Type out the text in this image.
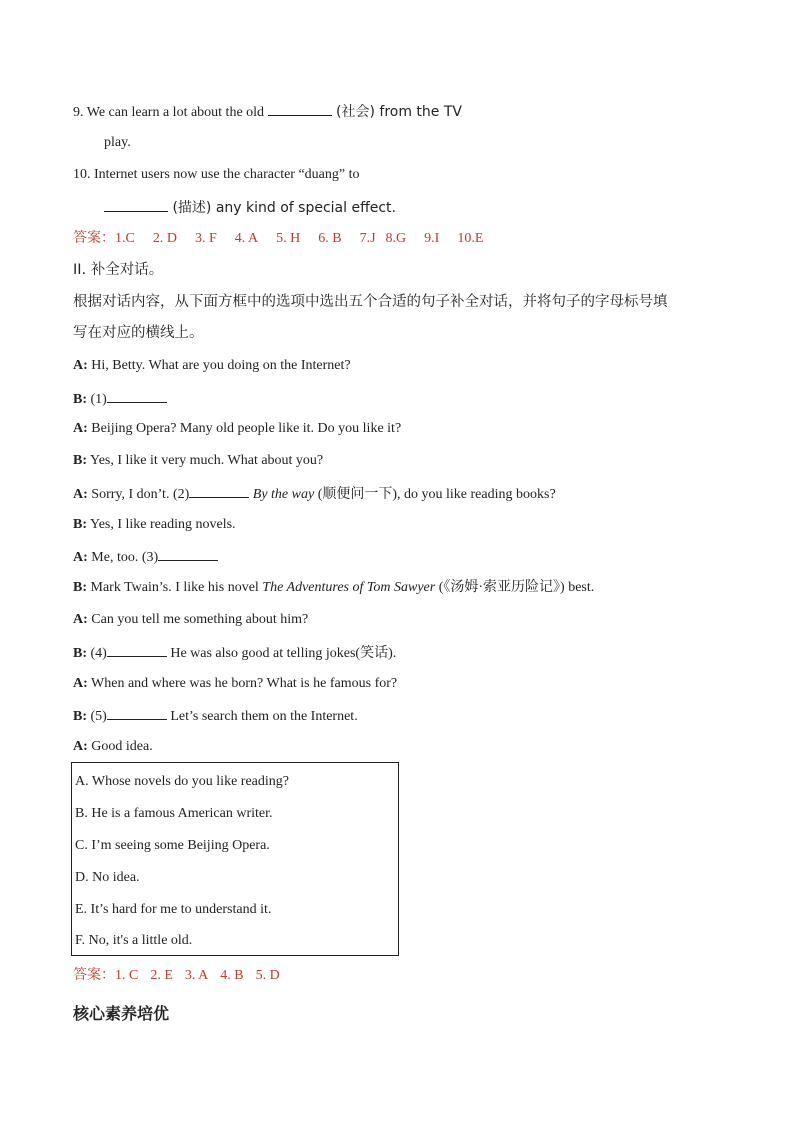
9. We can learn a lot about the old	(社会) from the TV
play.
10. Internet users now use the character “duang” to
(描述) any kind of special effect.
答案：1.C 2. D 3. F 4. A 5. H 6. B 7.J 8.G 9.I 10.E
II. 补全对话。
根据对话内容，从下面方框中的选项中选出五个合适的句子补全对话，并将句子的字母标号填
写在对应的横线上。
A: Hi, Betty. What are you doing on the Internet?
B: (1)
A: Beijing Opera? Many old people like it. Do you like it?
B: Yes, I like it very much. What about you?
A: Sorry, I don’t. (2)	By the way (顺便问一下), do you like reading books?
B: Yes, I like reading novels.
A: Me, too. (3)
B: Mark Twain’s. I like his novel The Adventures of Tom Sawyer (《汤姆·索亚历险记》) best.
A: Can you tell me something about him?
B: (4)	He was also good at telling jokes(笑话).
A: When and where was he born? What is he famous for?
B: (5)	Let’s search them on the Internet.
A: Good idea.
A. Whose novels do you like reading?
B. He is a famous American writer.
C. I’m seeing some Beijing Opera.
D. No idea.
E. It’s hard for me to understand it.
F. No, it's a little old.
答案：1. C 2. E 3. A 4. B 5. D
核心素养培优
